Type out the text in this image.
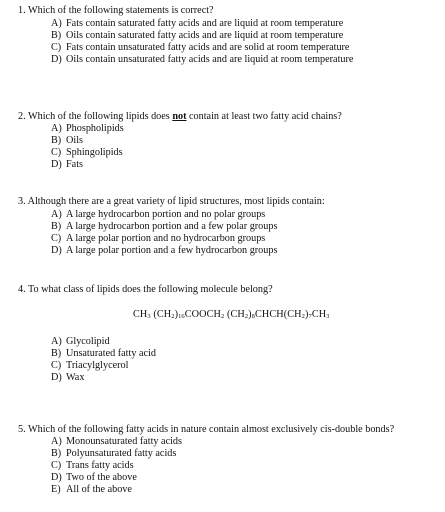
1. Which of the following statements is correct?
A) Fats contain saturated fatty acids and are liquid at room temperature
B) Oils contain saturated fatty acids and are liquid at room temperature
C) Fats contain unsaturated fatty acids and are solid at room temperature
D) Oils contain unsaturated fatty acids and are liquid at room temperature
2. Which of the following lipids does not contain at least two fatty acid chains?
A) Phospholipids
B) Oils
C) Sphingolipids
D) Fats
3. Although there are a great variety of lipid structures, most lipids contain:
A) A large hydrocarbon portion and no polar groups
B) A large hydrocarbon portion and a few polar groups
C) A large polar portion and no hydrocarbon groups
D) A large polar portion and a few hydrocarbon groups
4. To what class of lipids does the following molecule belong?
$CH_3$ $(CH_2)_{16}COOCH_2$ $(CH_2)_8CHCH(CH_2)_7CH_3$
A) Glycolipid
B) Unsaturated fatty acid
C) Triacylglycerol
D) Wax
5. Which of the following fatty acids in nature contain almost exclusively cis-double bonds?
A) Monounsaturated fatty acids
B) Polyunsaturated fatty acids
C) Trans fatty acids
D) Two of the above
E) All of the above
